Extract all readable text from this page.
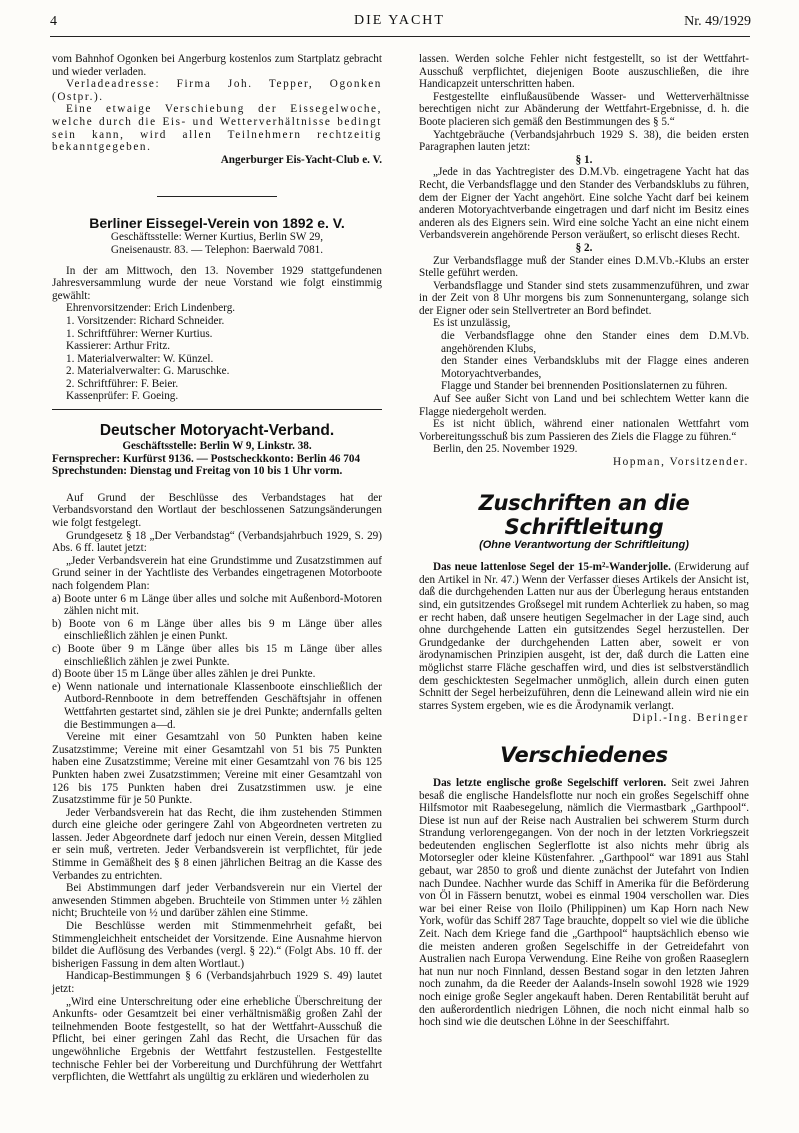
4	DIE YACHT	Nr. 49/1929

vom Bahnhof Ogonken bei Angerburg kostenlos zum Startplatz gebracht und wieder verladen.

Verladeadresse: Firma Joh. Tepper, Ogonken (Ostpr.).

Eine etwaige Verschiebung der Eissegelwoche, welche durch die Eis- und Wetterverhältnisse bedingt sein kann, wird allen Teilnehmern rechtzeitig bekanntgegeben.

Angerburger Eis-Yacht-Club e. V.

Berliner Eissegel-Verein von 1892 e. V.

Geschäftsstelle: Werner Kurtius, Berlin SW 29,

Gneisenaustr. 83. — Telephon: Baerwald 7081.

In der am Mittwoch, den 13. November 1929 stattgefundenen Jahresversammlung wurde der neue Vorstand wie folgt einstimmig gewählt:

Ehrenvorsitzender: Erich Lindenberg.

1. Vorsitzender: Richard Schneider.

1. Schriftführer: Werner Kurtius.

Kassierer: Arthur Fritz.

1. Materialverwalter: W. Künzel.

2. Materialverwalter: G. Maruschke.

2. Schriftführer: F. Beier.

Kassenprüfer: F. Goeing.

Deutscher Motoryacht-Verband.

Geschäftsstelle: Berlin W 9, Linkstr. 38.

Fernsprecher: Kurfürst 9136. — Postscheckkonto: Berlin 46 704

Sprechstunden: Dienstag und Freitag von 10 bis 1 Uhr vorm.

Auf Grund der Beschlüsse des Verbandstages hat der Verbandsvorstand den Wortlaut der beschlossenen Satzungsänderungen wie folgt festgelegt.

Grundgesetz § 18 „Der Verbandstag“ (Verbandsjahrbuch 1929, S. 29) Abs. 6 ff. lautet jetzt:

„Jeder Verbandsverein hat eine Grundstimme und Zusatzstimmen auf Grund seiner in der Yachtliste des Verbandes eingetragenen Motorboote nach folgendem Plan:

a) Boote unter 6 m Länge über alles und solche mit Außenbord-Motoren zählen nicht mit.

b) Boote von 6 m Länge über alles bis 9 m Länge über alles einschließlich zählen je einen Punkt.

c) Boote über 9 m Länge über alles bis 15 m Länge über alles einschließlich zählen je zwei Punkte.

d) Boote über 15 m Länge über alles zählen je drei Punkte.

e) Wenn nationale und internationale Klassenboote einschließlich der Autbord-Rennboote in dem betreffenden Geschäftsjahr in offenen Wettfahrten gestartet sind, zählen sie je drei Punkte; andernfalls gelten die Bestimmungen a—d.

Vereine mit einer Gesamtzahl von 50 Punkten haben keine Zusatzstimme; Vereine mit einer Gesamtzahl von 51 bis 75 Punkten haben eine Zusatzstimme; Vereine mit einer Gesamtzahl von 76 bis 125 Punkten haben zwei Zusatzstimmen; Vereine mit einer Gesamtzahl von 126 bis 175 Punkten haben drei Zusatzstimmen usw. je eine Zusatzstimme für je 50 Punkte.

Jeder Verbandsverein hat das Recht, die ihm zustehenden Stimmen durch eine gleiche oder geringere Zahl von Abgeordneten vertreten zu lassen. Jeder Abgeordnete darf jedoch nur einen Verein, dessen Mitglied er sein muß, vertreten. Jeder Verbandsverein ist verpflichtet, für jede Stimme in Gemäßheit des § 8 einen jährlichen Beitrag an die Kasse des Verbandes zu entrichten.

Bei Abstimmungen darf jeder Verbandsverein nur ein Viertel der anwesenden Stimmen abgeben. Bruchteile von Stimmen unter ½ zählen nicht; Bruchteile von ½ und darüber zählen eine Stimme.

Die Beschlüsse werden mit Stimmenmehrheit gefaßt, bei Stimmengleichheit entscheidet der Vorsitzende. Eine Ausnahme hiervon bildet die Auflösung des Verbandes (vergl. § 22).“ (Folgt Abs. 10 ff. der bisherigen Fassung in dem alten Wortlaut.)

Handicap-Bestimmungen § 6 (Verbandsjahrbuch 1929 S. 49) lautet jetzt:

„Wird eine Unterschreitung oder eine erhebliche Überschreitung der Ankunfts- oder Gesamtzeit bei einer verhältnismäßig großen Zahl der teilnehmenden Boote festgestellt, so hat der Wettfahrt-Ausschuß die Pflicht, bei einer geringen Zahl das Recht, die Ursachen für das ungewöhnliche Ergebnis der Wettfahrt festzustellen. Festgestellte technische Fehler bei der Vorbereitung und Durchführung der Wettfahrt verpflichten, die Wettfahrt als ungültig zu erklären und wiederholen zu

lassen. Werden solche Fehler nicht festgestellt, so ist der Wettfahrt-Ausschuß verpflichtet, diejenigen Boote auszuschließen, die ihre Handicapzeit unterschritten haben.

Festgestellte einflußausübende Wasser- und Wetterverhältnisse berechtigen nicht zur Abänderung der Wettfahrt-Ergebnisse, d. h. die Boote placieren sich gemäß den Bestimmungen des § 5.“

Yachtgebräuche (Verbandsjahrbuch 1929 S. 38), die beiden ersten Paragraphen lauten jetzt:

§ 1.

„Jede in das Yachtregister des D.M.Vb. eingetragene Yacht hat das Recht, die Verbandsflagge und den Stander des Verbandsklubs zu führen, dem der Eigner der Yacht angehört. Eine solche Yacht darf bei keinem anderen Motoryachtverbande eingetragen und darf nicht im Besitz eines anderen als des Eigners sein. Wird eine solche Yacht an eine nicht einem Verbandsverein angehörende Person veräußert, so erlischt dieses Recht.

§ 2.

Zur Verbandsflagge muß der Stander eines D.M.Vb.-Klubs an erster Stelle geführt werden.

Verbandsflagge und Stander sind stets zusammenzuführen, und zwar in der Zeit von 8 Uhr morgens bis zum Sonnenuntergang, solange sich der Eigner oder sein Stellvertreter an Bord befindet.

Es ist unzulässig,

die Verbandsflagge ohne den Stander eines dem D.M.Vb. angehörenden Klubs,

den Stander eines Verbandsklubs mit der Flagge eines anderen Motoryachtverbandes,

Flagge und Stander bei brennenden Positionslaternen zu führen.

Auf See außer Sicht von Land und bei schlechtem Wetter kann die Flagge niedergeholt werden.

Es ist nicht üblich, während einer nationalen Wettfahrt vom Vorbereitungsschuß bis zum Passieren des Ziels die Flagge zu führen.“

Berlin, den 25. November 1929.

Hopman, Vorsitzender.

Zuschriften an die Schriftleitung

(Ohne Verantwortung der Schriftleitung)

Das neue lattenlose Segel der 15-m²-Wanderjolle. (Erwiderung auf den Artikel in Nr. 47.) Wenn der Verfasser dieses Artikels der Ansicht ist, daß die durchgehenden Latten nur aus der Überlegung heraus entstanden sind, ein gutsitzendes Großsegel mit rundem Achterliek zu haben, so mag er recht haben, daß unsere heutigen Segelmacher in der Lage sind, auch ohne durchgehende Latten ein gutsitzendes Segel herzustellen. Der Grundgedanke der durchgehenden Latten aber, soweit er von ärodynamischen Prinzipien ausgeht, ist der, daß durch die Latten eine möglichst starre Fläche geschaffen wird, und dies ist selbstverständlich dem geschicktesten Segelmacher unmöglich, allein durch einen guten Schnitt der Segel herbeizuführen, denn die Leinewand allein wird nie ein starres System ergeben, wie es die Ärodynamik verlangt.

Dipl.-Ing. Beringer

Verschiedenes

Das letzte englische große Segelschiff verloren. Seit zwei Jahren besaß die englische Handelsflotte nur noch ein großes Segelschiff ohne Hilfsmotor mit Raabesegelung, nämlich die Viermastbark „Garthpool“. Diese ist nun auf der Reise nach Australien bei schwerem Sturm durch Strandung verlorengegangen. Von der noch in der letzten Vorkriegszeit bedeutenden englischen Seglerflotte ist also nichts mehr übrig als Motorsegler oder kleine Küstenfahrer. „Garthpool“ war 1891 aus Stahl gebaut, war 2850 to groß und diente zunächst der Jutefahrt von Indien nach Dundee. Nachher wurde das Schiff in Amerika für die Beförderung von Öl in Fässern benutzt, wobei es einmal 1904 verschollen war. Dies war bei einer Reise von Iloilo (Philippinen) um Kap Horn nach New York, wofür das Schiff 287 Tage brauchte, doppelt so viel wie die übliche Zeit. Nach dem Kriege fand die „Garthpool“ hauptsächlich ebenso wie die meisten anderen großen Segelschiffe in der Getreidefahrt von Australien nach Europa Verwendung. Eine Reihe von großen Raaseglern hat nun nur noch Finnland, dessen Bestand sogar in den letzten Jahren noch zunahm, da die Reeder der Aalands-Inseln sowohl 1928 wie 1929 noch einige große Segler angekauft haben. Deren Rentabilität beruht auf den außerordentlich niedrigen Löhnen, die noch nicht einmal halb so hoch sind wie die deutschen Löhne in der Seeschiffahrt.
